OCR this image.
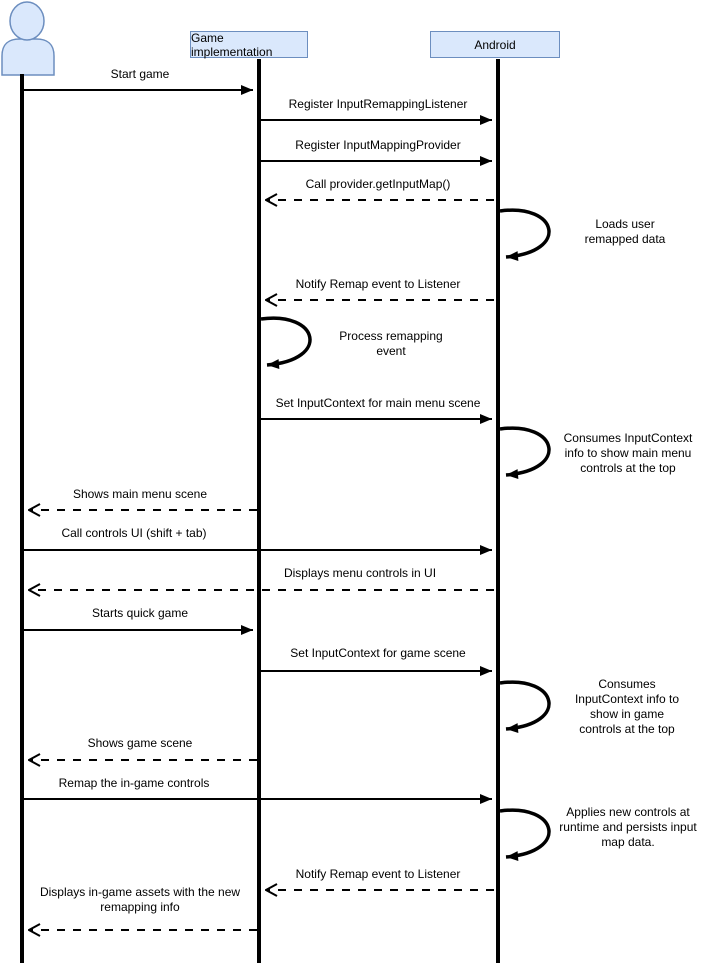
Game implementation	Android
Start game
Register InputRemappingListener
Register InputMappingProvider
Call provider.getInputMap()
Loads user remapped data
Notify Remap event to Listener
Process remapping event
Set InputContext for main menu scene
Consumes InputContext info to show main menu controls at the top
Shows main menu scene
Call controls UI (shift + tab)
Displays menu controls in UI
Starts quick game
Set InputContext for game scene
Consumes InputContext info to show in game controls at the top
Shows game scene
Remap the in-game controls
Applies new controls at runtime and persists input map data.
Notify Remap event to Listener
Displays in-game assets with the new remapping info
